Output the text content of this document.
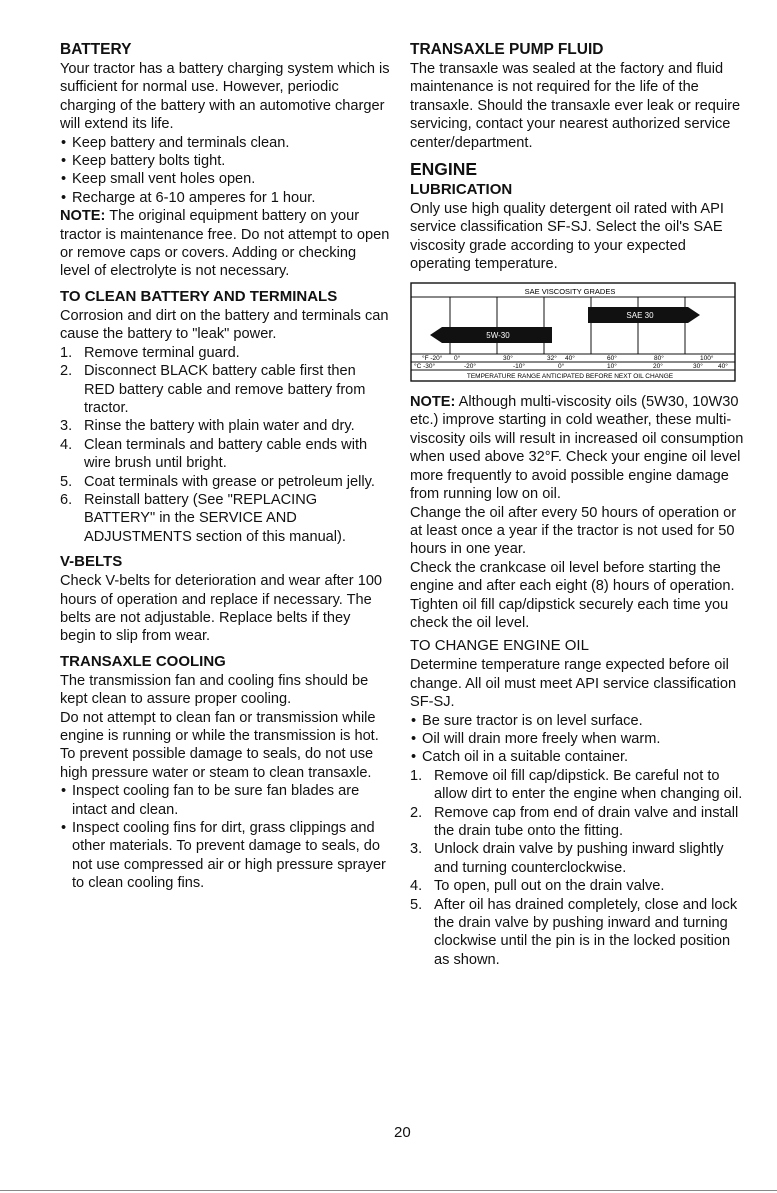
BATTERY

Your tractor has a battery charging system which is sufficient for normal use. However, periodic charging of the battery with an automotive charger will extend its life.

• Keep battery and terminals clean.
• Keep battery bolts tight.
• Keep small vent holes open.
• Recharge at 6-10 amperes for 1 hour.

NOTE: The original equipment battery on your tractor is maintenance free. Do not attempt to open or remove caps or covers. Adding or checking level of electrolyte is not necessary.

TO CLEAN BATTERY AND TERMINALS

Corrosion and dirt on the battery and terminals can cause the battery to "leak" power.

1. Remove terminal guard.
2. Disconnect BLACK battery cable first then RED battery cable and remove battery from tractor.
3. Rinse the battery with plain water and dry.
4. Clean terminals and battery cable ends with wire brush until bright.
5. Coat terminals with grease or petroleum jelly.
6. Reinstall battery (See "REPLACING BATTERY" in the SERVICE AND ADJUSTMENTS section of this manual).
V-BELTS

Check V-belts for deterioration and wear after 100 hours of operation and replace if necessary. The belts are not adjustable. Replace belts if they begin to slip from wear.

TRANSAXLE COOLING

The transmission fan and cooling fins should be kept clean to assure proper cooling.

Do not attempt to clean fan or transmission while engine is running or while the transmission is hot. To prevent possible damage to seals, do not use high pressure water or steam to clean transaxle.

• Inspect cooling fan to be sure fan blades are intact and clean.
• Inspect cooling fins for dirt, grass clippings and other materials. To prevent damage to seals, do not use compressed air or high pressure sprayer to clean cooling fins.
TRANSAXLE PUMP FLUID

The transaxle was sealed at the factory and fluid maintenance is not required for the life of the transaxle. Should the transaxle ever leak or require servicing, contact your nearest authorized service center/department.

ENGINE
LUBRICATION

Only use high quality detergent oil rated with API service classification SF-SJ. Select the oil's SAE viscosity grade according to your expected operating temperature.

SAE VISCOSITY GRADES
SAE 30
5W-30
°F -20° 0°	30°	32° 40°	60°	80°	100°
°C -30°	-20°	-10°	0°	10°	20°	30° 40°
TEMPERATURE RANGE ANTICIPATED BEFORE NEXT OIL CHANGE

NOTE: Although multi-viscosity oils (5W30, 10W30 etc.) improve starting in cold weather, these multi-viscosity oils will result in increased oil consumption when used above 32°F. Check your engine oil level more frequently to avoid possible engine damage from running low on oil.

Change the oil after every 50 hours of operation or at least once a year if the tractor is not used for 50 hours in one year.

Check the crankcase oil level before starting the engine and after each eight (8) hours of operation. Tighten oil fill cap/dipstick securely each time you check the oil level.

TO CHANGE ENGINE OIL

Determine temperature range expected before oil change. All oil must meet API service classification SF-SJ.

• Be sure tractor is on level surface.
• Oil will drain more freely when warm.
• Catch oil in a suitable container.
1. Remove oil fill cap/dipstick. Be careful not to allow dirt to enter the engine when changing oil.
2. Remove cap from end of drain valve and install the drain tube onto the fitting.
3. Unlock drain valve by pushing inward slightly and turning counterclockwise.
4. To open, pull out on the drain valve.
5. After oil has drained completely, close and lock the drain valve by pushing inward and turning clockwise until the pin is in the locked position as shown.
20
